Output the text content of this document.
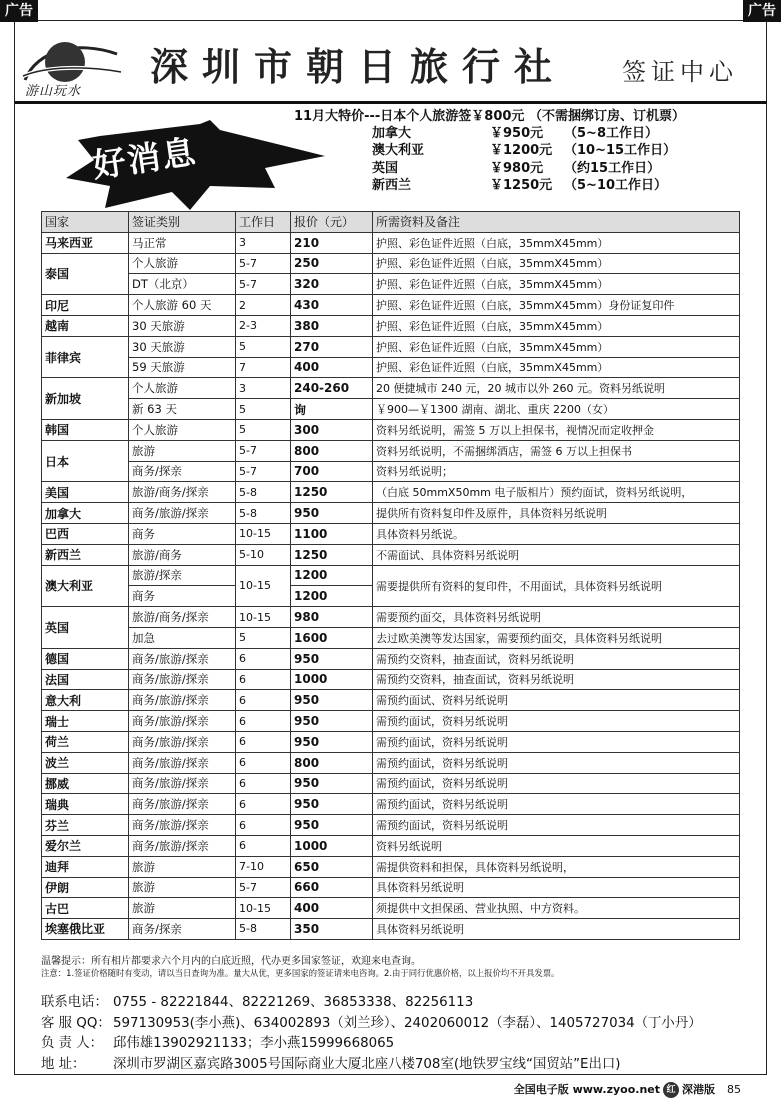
广告	广告
游山玩水
深圳市朝日旅行社	签证中心
好消息
11月大特价---日本个人旅游签￥800元 （不需捆绑订房、订机票）
加拿大	￥950元 （5~8工作日）
澳大利亚	￥1200元 （10~15工作日）
英国	￥980元 （约15工作日）
新西兰	￥1250元 （5~10工作日）
国家	签证类别	工作日	报价（元）	所需资料及备注
马来西亚	马正常	3	210	护照、彩色证件近照（白底，35mmX45mm）
泰国	个人旅游	5-7	250	护照、彩色证件近照（白底，35mmX45mm）
	DT（北京）	5-7	320	护照、彩色证件近照（白底，35mmX45mm）
印尼	个人旅游 60 天	2	430	护照、彩色证件近照（白底，35mmX45mm）身份证复印件
越南	30 天旅游	2-3	380	护照、彩色证件近照（白底，35mmX45mm）
菲律宾	30 天旅游	5	270	护照、彩色证件近照（白底，35mmX45mm）
	59 天旅游	7	400	护照、彩色证件近照（白底，35mmX45mm）
新加坡	个人旅游	3	240-260	20 便捷城市 240 元，20 城市以外 260 元。资料另纸说明
	新 63 天	5	询	￥900—￥1300 湖南、湖北、重庆 2200（女）
韩国	个人旅游	5	300	资料另纸说明，需签 5 万以上担保书，视情况而定收押金
日本	旅游	5-7	800	资料另纸说明，不需捆绑酒店，需签 6 万以上担保书
	商务/探亲	5-7	700	资料另纸说明；
美国	旅游/商务/探亲	5-8	1250	（白底 50mmX50mm 电子版相片）预约面试，资料另纸说明，
加拿大	商务/旅游/探亲	5-8	950	提供所有资料复印件及原件，具体资料另纸说明
巴西	商务	10-15	1100	具体资料另纸说。
新西兰	旅游/商务	5-10	1250	不需面试、具体资料另纸说明
澳大利亚	旅游/探亲	10-15	1200	需要提供所有资料的复印件，不用面试，具体资料另纸说明
	商务		1200	
英国	旅游/商务/探亲	10-15	980	需要预约面交，具体资料另纸说明
	加急	5	1600	去过欧美澳等发达国家，需要预约面交，具体资料另纸说明
德国	商务/旅游/探亲	6	950	需预约交资料，抽查面试，资料另纸说明
法国	商务/旅游/探亲	6	1000	需预约交资料，抽查面试，资料另纸说明
意大利	商务/旅游/探亲	6	950	需预约面试、资料另纸说明
瑞士	商务/旅游/探亲	6	950	需预约面试，资料另纸说明
荷兰	商务/旅游/探亲	6	950	需预约面试，资料另纸说明
波兰	商务/旅游/探亲	6	800	需预约面试，资料另纸说明
挪威	商务/旅游/探亲	6	950	需预约面试，资料另纸说明
瑞典	商务/旅游/探亲	6	950	需预约面试，资料另纸说明
芬兰	商务/旅游/探亲	6	950	需预约面试，资料另纸说明
爱尔兰	商务/旅游/探亲	6	1000	资料另纸说明
迪拜	旅游	7-10	650	需提供资料和担保，具体资料另纸说明，
伊朗	旅游	5-7	660	具体资料另纸说明
古巴	旅游	10-15	400	须提供中文担保函、营业执照、中方资料。
埃塞俄比亚	商务/探亲	5-8	350	具体资料另纸说明
温馨提示：所有相片都要求六个月内的白底近照，代办更多国家签证，欢迎来电查询。
注意：1.签证价格随时有变动，请以当日查询为准。量大从优，更多国家的签证请来电咨询。2.由于同行优惠价格，以上报价均不开具发票。
联系电话： 0755 - 82221844、82221269、36853338、82256113
客 服 QQ： 597130953(李小燕)、634002893（刘兰珍）、2402060012（李磊）、1405727034（丁小丹）
负 责 人： 邱伟雄13902921133；李小燕15999668065
地 址： 深圳市罗湖区嘉宾路3005号国际商业大厦北座八楼708室(地铁罗宝线“国贸站”E出口)
全国电子版 www.zyoo.net 红 深港版 85
